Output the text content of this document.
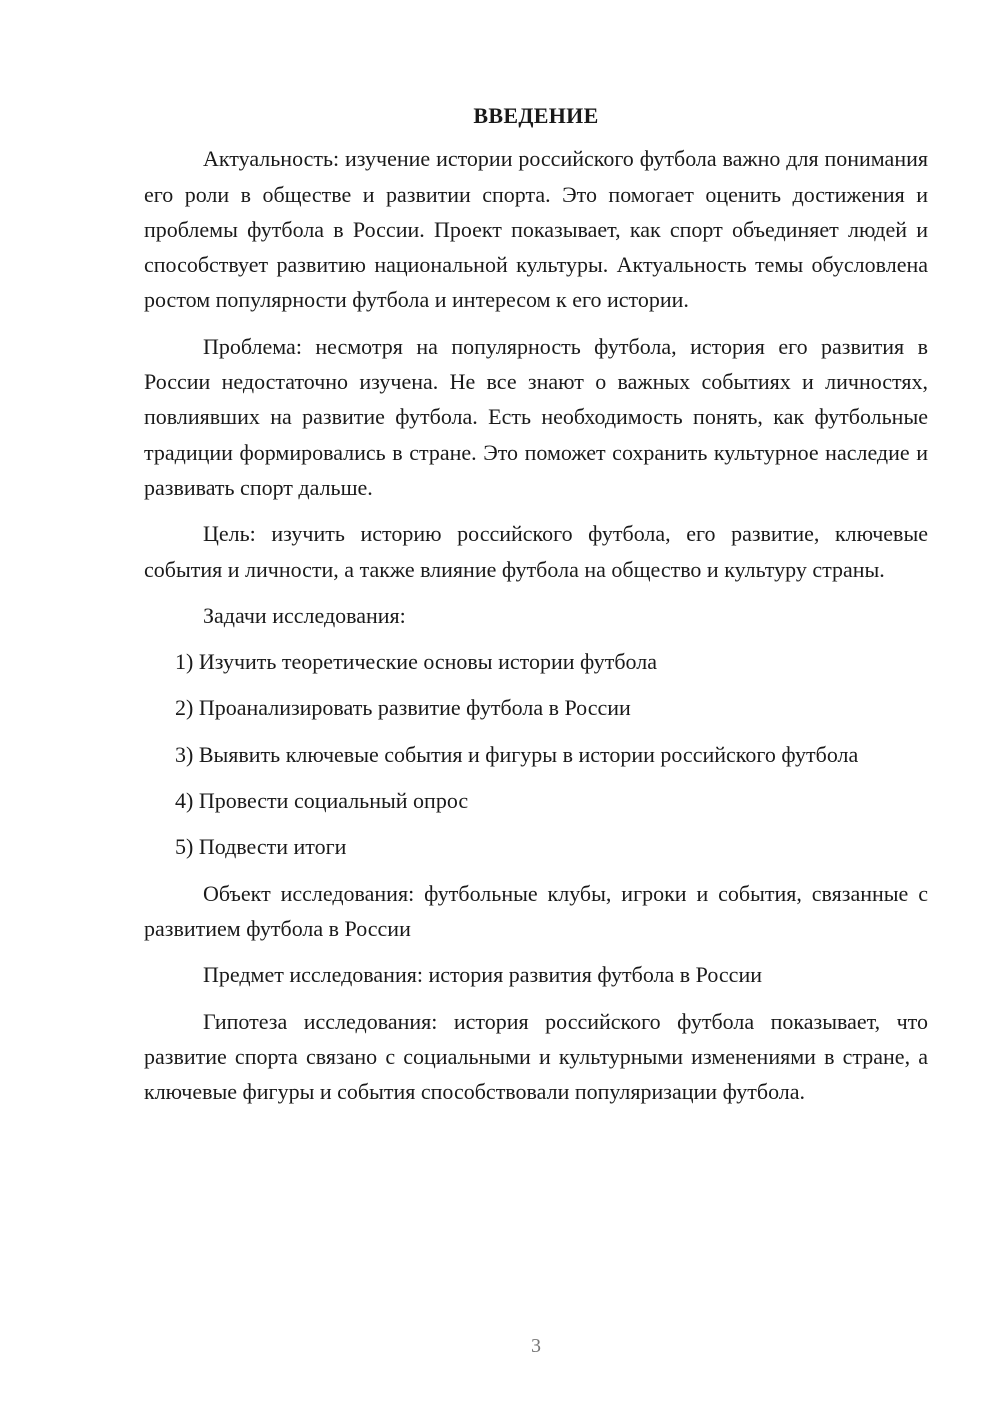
ВВЕДЕНИЕ

Актуальность: изучение истории российского футбола важно для понимания его роли в обществе и развитии спорта. Это помогает оценить достижения и проблемы футбола в России. Проект показывает, как спорт объединяет людей и способствует развитию национальной культуры. Актуальность темы обусловлена ростом популярности футбола и интересом к его истории.

Проблема: несмотря на популярность футбола, история его развития в России недостаточно изучена. Не все знают о важных событиях и личностях, повлиявших на развитие футбола. Есть необходимость понять, как футбольные традиции формировались в стране. Это поможет сохранить культурное наследие и развивать спорт дальше.

Цель: изучить историю российского футбола, его развитие, ключевые события и личности, а также влияние футбола на общество и культуру страны.

Задачи исследования:

1) Изучить теоретические основы истории футбола

2) Проанализировать развитие футбола в России

3) Выявить ключевые события и фигуры в истории российского футбола

4) Провести социальный опрос

5) Подвести итоги

Объект исследования: футбольные клубы, игроки и события, связанные с развитием футбола в России

Предмет исследования: история развития футбола в России

Гипотеза исследования: история российского футбола показывает, что развитие спорта связано с социальными и культурными изменениями в стране, а ключевые фигуры и события способствовали популяризации футбола.

3
